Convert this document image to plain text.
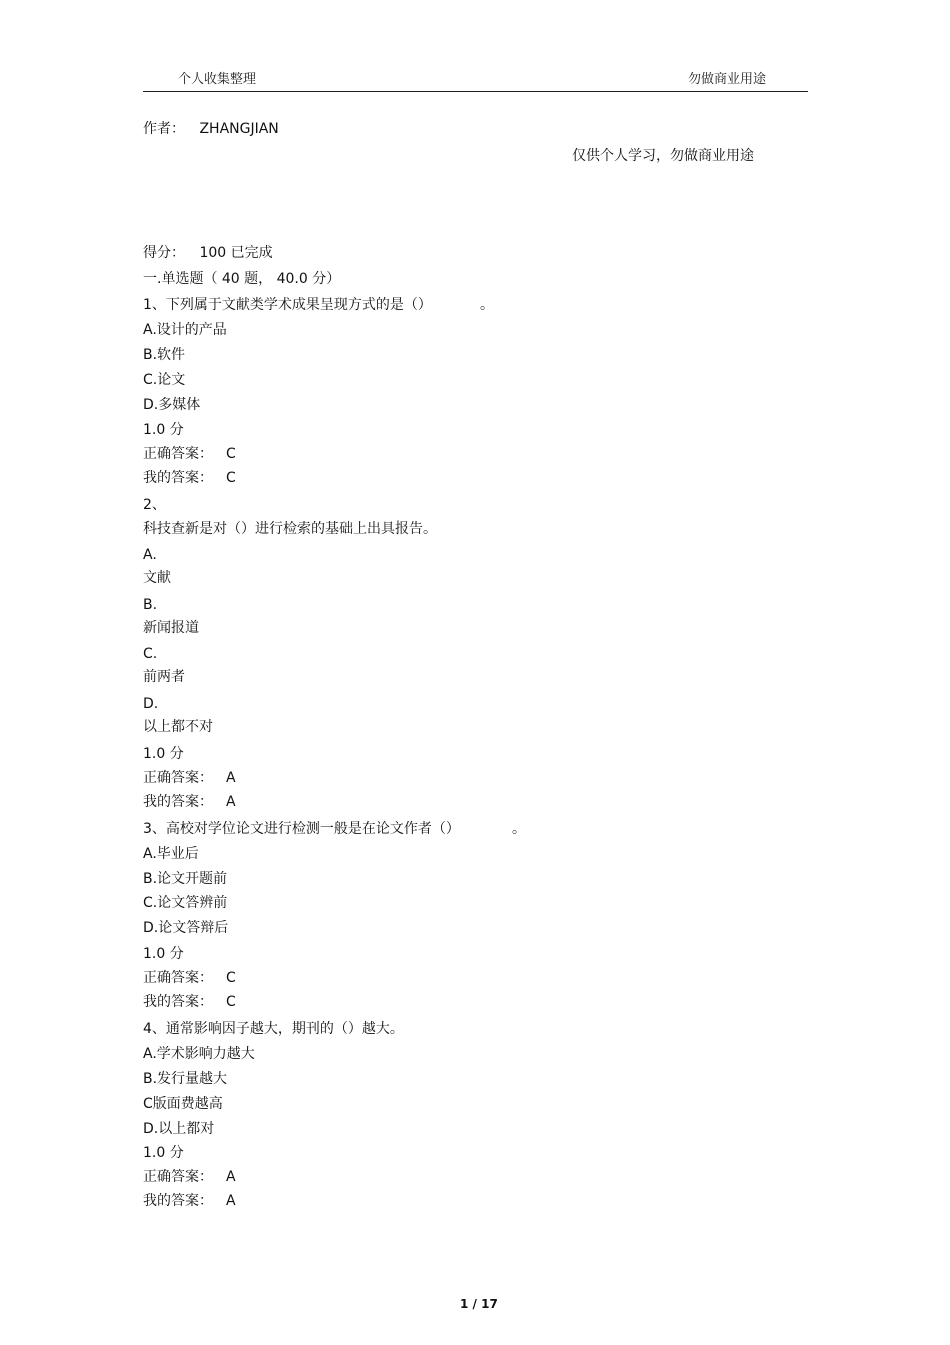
个人收集整理	勿做商业用途
作者： ZHANGJIAN
仅供个人学习，勿做商业用途
得分： 100 已完成
一.单选题（ 40 题， 40.0 分）
1、下列属于文献类学术成果呈现方式的是（）	。
A.设计的产品
B.软件
C.论文
D.多媒体
1.0 分
正确答案： C
我的答案： C
2、
科技查新是对（）进行检索的基础上出具报告。
A.
文献
B.
新闻报道
C.
前两者
D.
以上都不对
1.0 分
正确答案： A
我的答案： A
3、高校对学位论文进行检测一般是在论文作者（）	。
A.毕业后
B.论文开题前
C.论文答辨前
D.论文答辩后
1.0 分
正确答案： C
我的答案： C
4、通常影响因子越大，期刊的（）越大。
A.学术影响力越大
B.发行量越大
C版面费越高
D.以上都对
1.0 分
正确答案： A
我的答案： A
1 / 17
